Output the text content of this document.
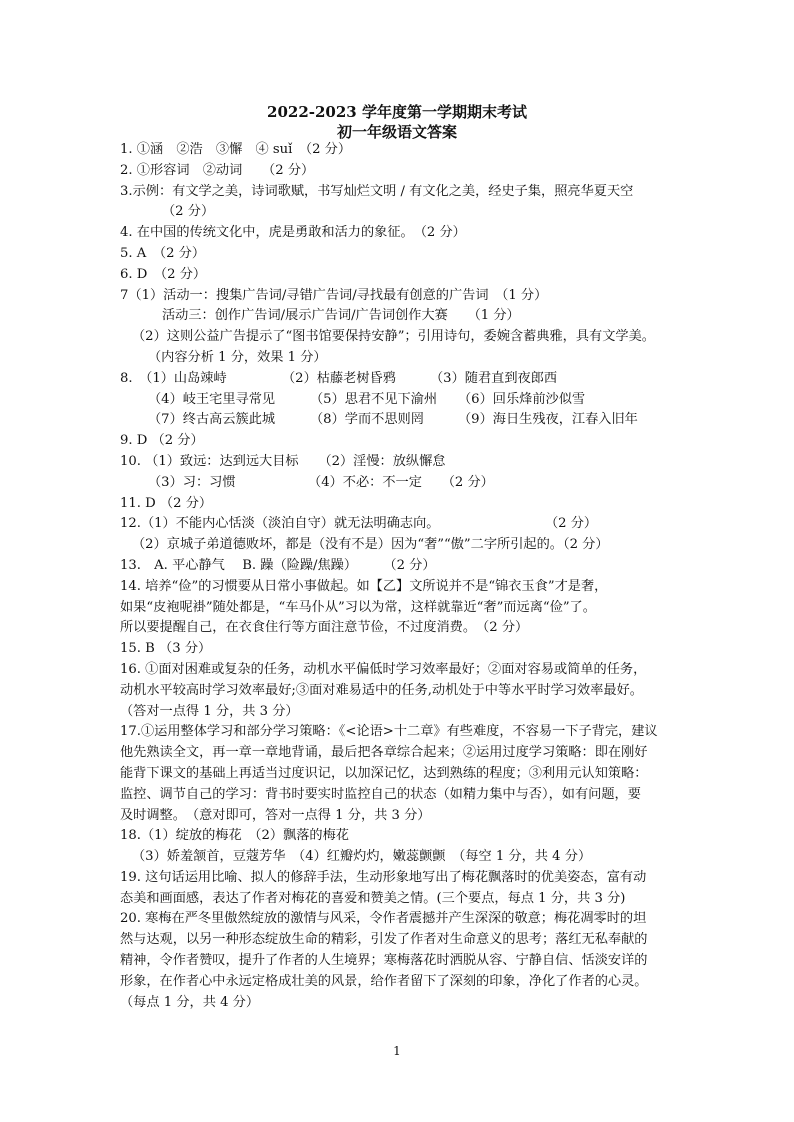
2022-2023 学年度第一学期期末考试
初一年级语文答案
1. ①涵　②浩　③懈　④ suǐ　（2 分）
2. ①形容词　②动词　　（2 分）
3.示例：有文学之美，诗词歌赋，书写灿烂文明 / 有文化之美，经史子集，照亮华夏天空
（2 分）
4. 在中国的传统文化中，虎是勇敢和活力的象征。　（2 分）
5. A　（2 分）
6. D　（2 分）
7（1）活动一：搜集广告词/寻错广告词/寻找最有创意的广告词　（1 分）
活动三：创作广告词/展示广告词/广告词创作大赛　　（1 分）
（2）这则公益广告提示了“图书馆要保持安静”；引用诗句，委婉含蓄典雅，具有文学美。
（内容分析 1 分，效果 1 分）
8.　（1）山岛竦峙	（2）枯藤老树昏鸦	（3）随君直到夜郎西
（4）岐王宅里寻常见	（5）思君不见下渝州 （6）回乐烽前沙似雪
（7）终古高云簇此城	（8）学而不思则罔	（9）海日生残夜，江春入旧年
9. D （2 分）
10. （1）致远：达到远大目标　　（2）淫慢：放纵懈怠
（3）习：习惯　　　　　　（4）不必：不一定　　（2 分）
11. D （2 分）
12.（1）不能内心恬淡（淡泊自守）就无法明确志向。　　　　　　　　　（2 分）
（2）京城子弟道德败坏，都是（没有不是）因为“奢”“傲”二字所引起的。（2 分）
13.　A. 平心静气　 B. 躁（险躁/焦躁）　　　（2 分）
14. 培养“俭”的习惯要从日常小事做起。如【乙】文所说并不是“锦衣玉食”才是奢，
如果“皮袍呢褂”随处都是，“车马仆从”习以为常，这样就靠近“奢”而远离“俭”了。
所以要提醒自己，在衣食住行等方面注意节俭，不过度消费。　（2 分）
15. B （3 分）
16. ①面对困难或复杂的任务，动机水平偏低时学习效率最好；②面对容易或简单的任务，
动机水平较高时学习效率最好;③面对难易适中的任务,动机处于中等水平时学习效率最好。
（答对一点得 1 分，共 3 分）
17.①运用整体学习和部分学习策略：《<论语>十二章》有些难度，不容易一下子背完，建议
他先熟读全文，再一章一章地背诵，最后把各章综合起来；②运用过度学习策略：即在刚好
能背下课文的基础上再适当过度识记，以加深记忆，达到熟练的程度；③利用元认知策略：
监控、调节自己的学习：背书时要实时监控自己的状态（如精力集中与否），如有问题，要
及时调整。　（意对即可，答对一点得 1 分，共 3 分）
18.（1）绽放的梅花　（2）飘落的梅花
（3）娇羞颔首，豆蔻芳华　（4）红瓣灼灼，嫩蕊颤颤　（每空 1 分，共 4 分）
19. 这句话运用比喻、拟人的修辞手法，生动形象地写出了梅花飘落时的优美姿态，富有动
态美和画面感，表达了作者对梅花的喜爱和赞美之情。(三个要点，每点 1 分，共 3 分)
20. 寒梅在严冬里傲然绽放的激情与风采，令作者震撼并产生深深的敬意；梅花凋零时的坦
然与达观，以另一种形态绽放生命的精彩，引发了作者对生命意义的思考；落红无私奉献的
精神，令作者赞叹，提升了作者的人生境界；寒梅落花时洒脱从容、宁静自信、恬淡安详的
形象，在作者心中永远定格成壮美的风景，给作者留下了深刻的印象，净化了作者的心灵。
（每点 1 分，共 4 分）
1
